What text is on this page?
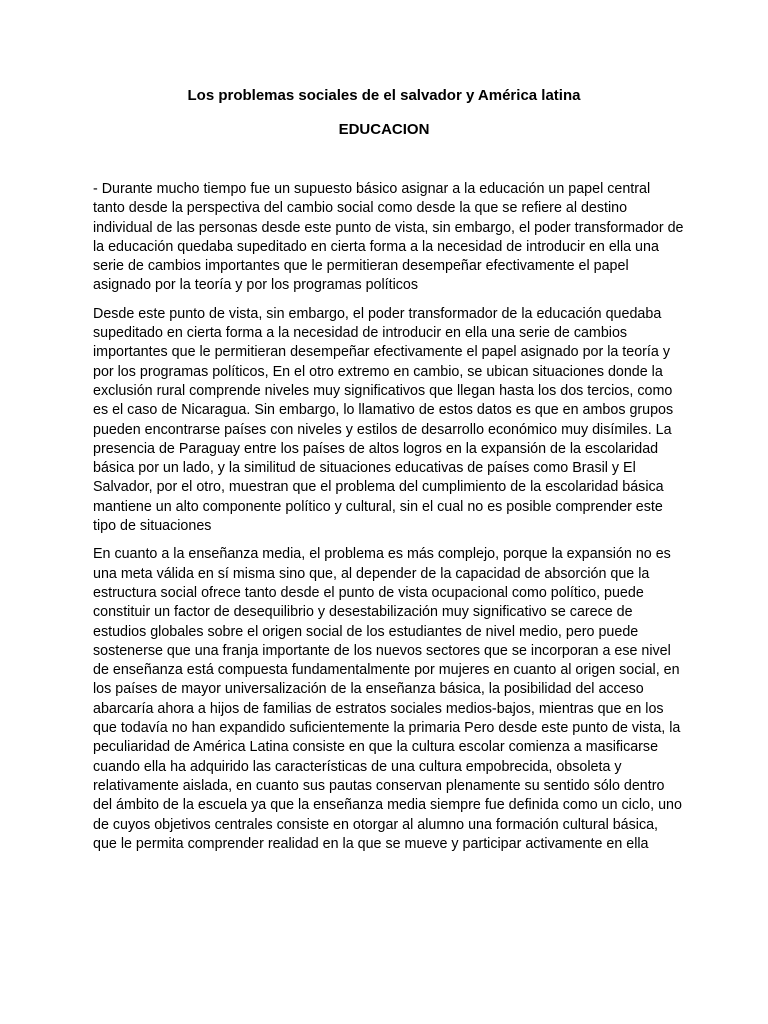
Los problemas sociales de el salvador y América latina
EDUCACION

- Durante mucho tiempo fue un supuesto básico asignar a la educación un papel central tanto desde la perspectiva del cambio social como desde la que se refiere al destino individual de las personas desde este punto de vista, sin embargo, el poder transformador de la educación quedaba supeditado en cierta forma a la necesidad de introducir en ella una serie de cambios importantes que le permitieran desempeñar efectivamente el papel asignado por la teoría y por los programas políticos

Desde este punto de vista, sin embargo, el poder transformador de la educación quedaba supeditado en cierta forma a la necesidad de introducir en ella una serie de cambios importantes que le permitieran desempeñar efectivamente el papel asignado por la teoría y por los programas políticos, En el otro extremo en cambio, se ubican situaciones donde la exclusión rural comprende niveles muy significativos que llegan hasta los dos tercios, como es el caso de Nicaragua. Sin embargo, lo llamativo de estos datos es que en ambos grupos pueden encontrarse países con niveles y estilos de desarrollo económico muy disímiles. La presencia de Paraguay entre los países de altos logros en la expansión de la escolaridad básica por un lado, y la similitud de situaciones educativas de países como Brasil y El Salvador, por el otro, muestran que el problema del cumplimiento de la escolaridad básica mantiene un alto componente político y cultural, sin el cual no es posible comprender este tipo de situaciones

En cuanto a la enseñanza media, el problema es más complejo, porque la expansión no es una meta válida en sí misma sino que, al depender de la capacidad de absorción que la estructura social ofrece tanto desde el punto de vista ocupacional como político, puede constituir un factor de desequilibrio y desestabilización muy significativo se carece de estudios globales sobre el origen social de los estudiantes de nivel medio, pero puede sostenerse que una franja importante de los nuevos sectores que se incorporan a ese nivel de enseñanza está compuesta fundamentalmente por mujeres en cuanto al origen social, en los países de mayor universalización de la enseñanza básica, la posibilidad del acceso abarcaría ahora a hijos de familias de estratos sociales medios-bajos, mientras que en los que todavía no han expandido suficientemente la primaria Pero desde este punto de vista, la peculiaridad de América Latina consiste en que la cultura escolar comienza a masificarse cuando ella ha adquirido las características de una cultura empobrecida, obsoleta y relativamente aislada, en cuanto sus pautas conservan plenamente su sentido sólo dentro del ámbito de la escuela ya que la enseñanza media siempre fue definida como un ciclo, uno de cuyos objetivos centrales consiste en otorgar al alumno una formación cultural básica, que le permita comprender realidad en la que se mueve y participar activamente en ella
